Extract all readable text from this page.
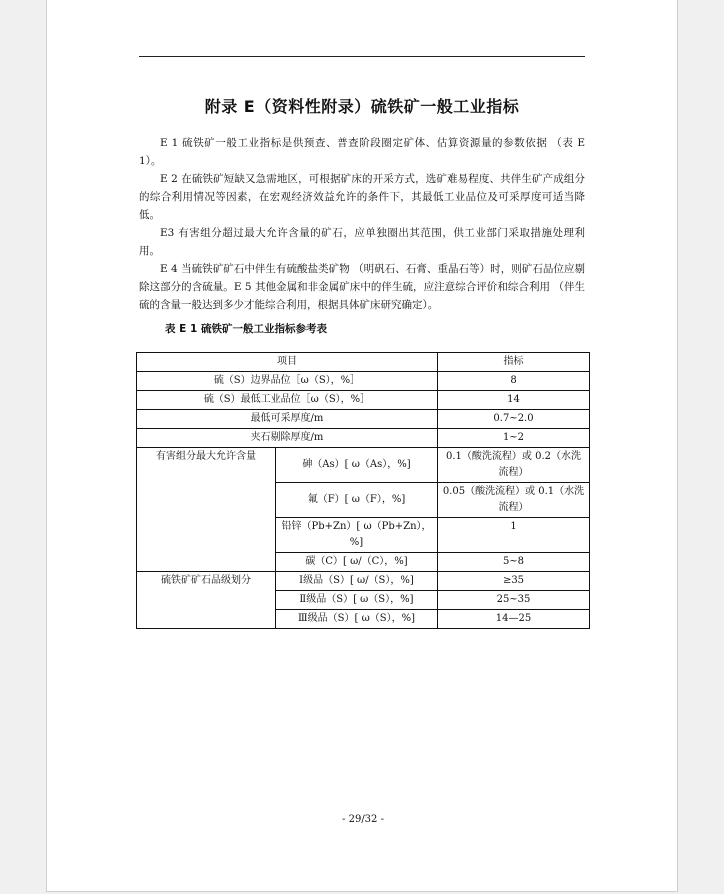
附录 E（资料性附录）硫铁矿一般工业指标

E 1 硫铁矿一般工业指标是供预查、普查阶段圈定矿体、估算资源量的参数依据 （表 E 1）。

E 2 在硫铁矿短缺又急需地区，可根据矿床的开采方式，选矿难易程度、共伴生矿产成组分的综合利用情况等因素，在宏观经济效益允许的条件下，其最低工业品位及可采厚度可适当降低。

E3 有害组分超过最大允许含量的矿石，应单独圈出其范围，供工业部门采取措施处理利用。

E 4 当硫铁矿矿石中伴生有硫酸盐类矿物 （明矾石、石膏、重晶石等）时，则矿石品位应剔除这部分的含硫量。E 5 其他金属和非金属矿床中的伴生硫，应注意综合评价和综合利用 （伴生硫的含量一般达到多少才能综合利用，根据具体矿床研究确定）。

表 E 1 硫铁矿一般工业指标参考表
项目		指标
硫（S）边界品位［ω（S），%］		8
硫（S）最低工业品位［ω（S），%］		14
最低可采厚度/m		0.7~2.0
夹石剔除厚度/m		1~2
有害组分最大允许含量	砷（As）[ ω（As），%]	0.1（酸洗流程）或 0.2（水洗流程）
	氟（F）[ ω（F），%]	0.05（酸洗流程）或 0.1（水洗流程）
	铅锌（Pb+Zn）[ ω（Pb+Zn），%]	1
	碳（C）[ ω/（C），%]	5~8
硫铁矿矿石品级划分	Ⅰ级品（S）[ ω/（S），%]	≥35
	Ⅱ级品（S）[ ω（S），%]	25~35
	Ⅲ级品（S）[ ω（S），%]	14—25
- 29/32 -
